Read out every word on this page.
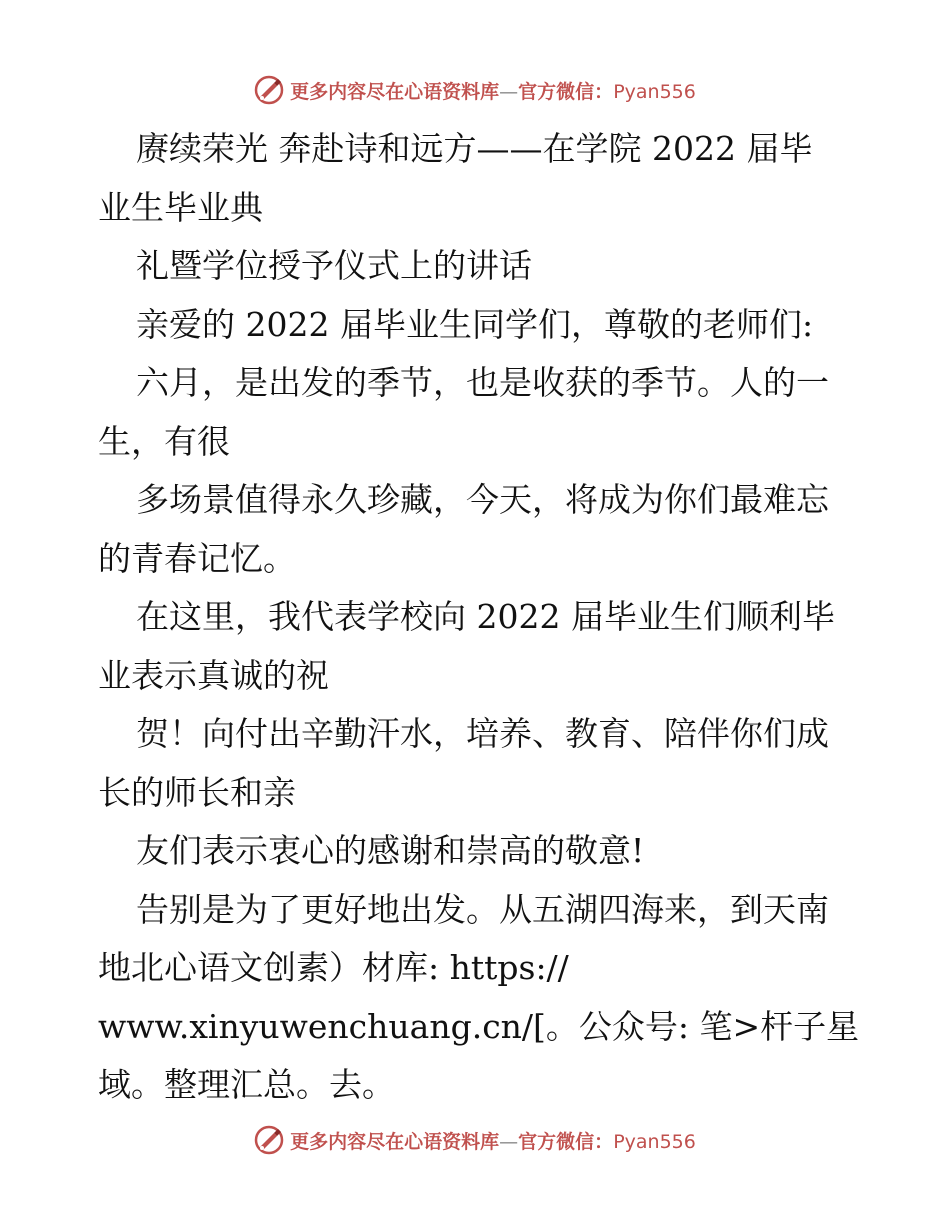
更多内容尽在心语资料库—官方微信：Pyan556
赓续荣光 奔赴诗和远方——在学院 2022 届毕
业生毕业典
礼暨学位授予仪式上的讲话
亲爱的 2022 届毕业生同学们，尊敬的老师们:
六月，是出发的季节，也是收获的季节。人的一
生，有很
多场景值得永久珍藏，今天，将成为你们最难忘
的青春记忆。
在这里，我代表学校向 2022 届毕业生们顺利毕
业表示真诚的祝
贺！向付出辛勤汗水，培养、教育、陪伴你们成
长的师长和亲
友们表示衷心的感谢和崇高的敬意!
告别是为了更好地出发。从五湖四海来，到天南
地北心语文创素）材库: https://
www.xinyuwenchuang.cn/[。公众号: 笔>杆子星
域。整理汇总。去。
更多内容尽在心语资料库—官方微信：Pyan556
